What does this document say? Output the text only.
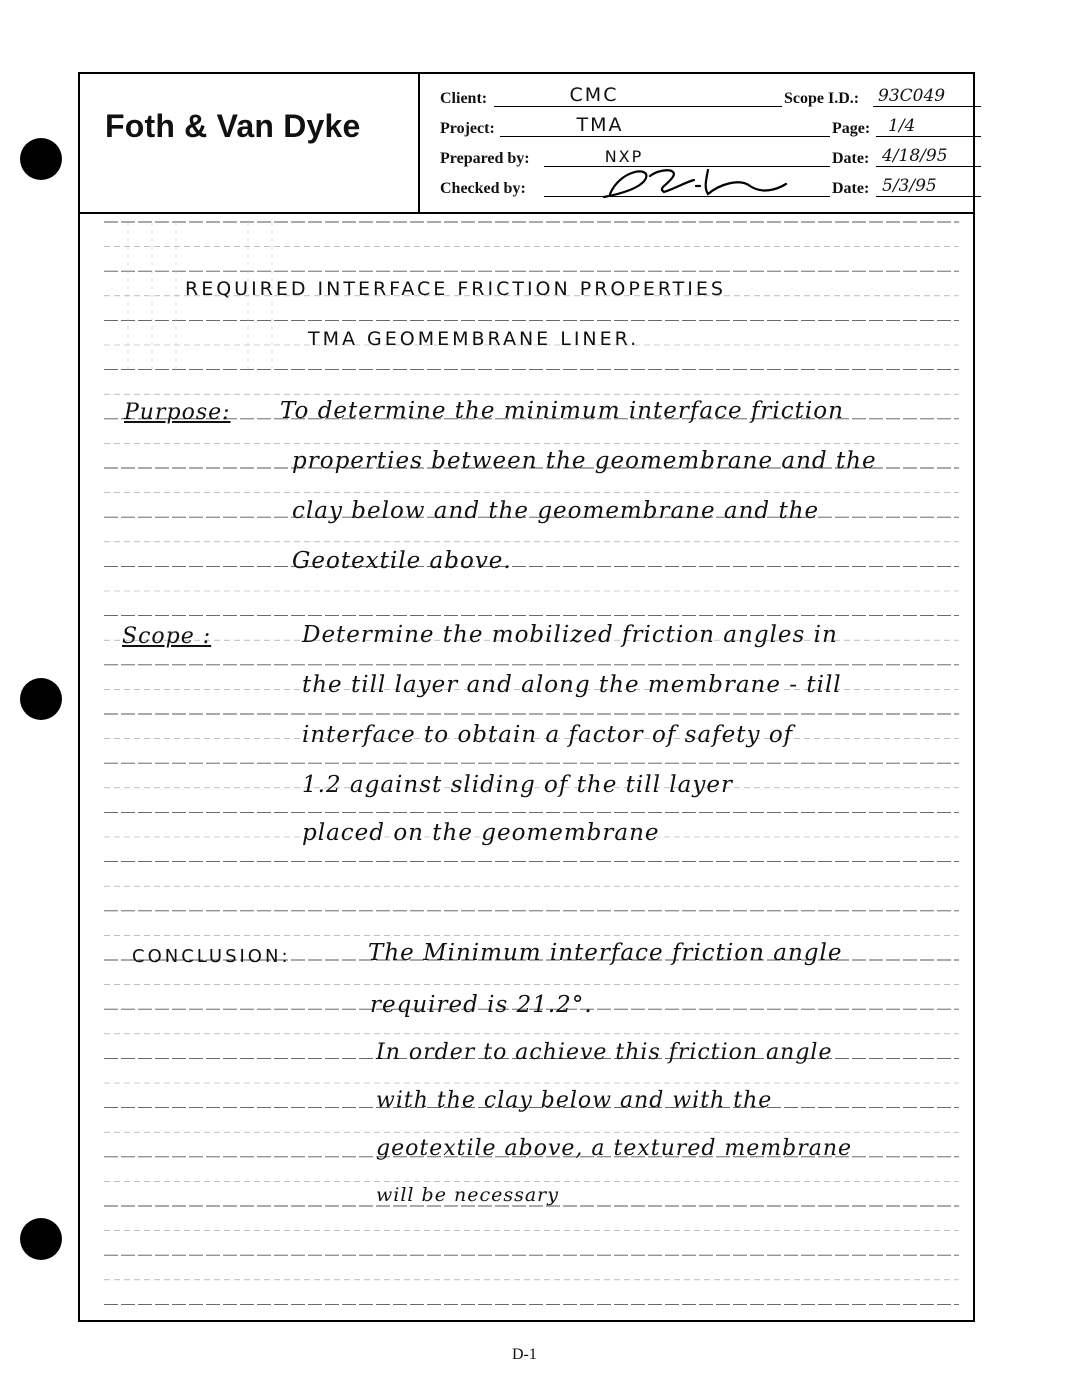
Foth & Van Dyke
Client:	CMC	Scope I.D.: 93C049
Project:	TMA	Page: 1/4
Prepared by:	NXP	Date: 4/18/95
Checked by:	Date: 5/3/95
REQUIRED INTERFACE FRICTION PROPERTIES
TMA GEOMEMBRANE LINER.
Purpose: To determine the minimum interface friction
properties between the geomembrane and the
clay below and the geomembrane and the
Geotextile above.
Scope :	Determine the mobilized friction angles in
the till layer and along the membrane - till
interface to obtain a factor of safety of
1.2 against sliding of the till layer
placed on the geomembrane
CONCLUSION:	The Minimum interface friction angle
required is 21.2°.
In order to achieve this friction angle
with the clay below and with the
geotextile above, a textured membrane
will be necessary
D-1
